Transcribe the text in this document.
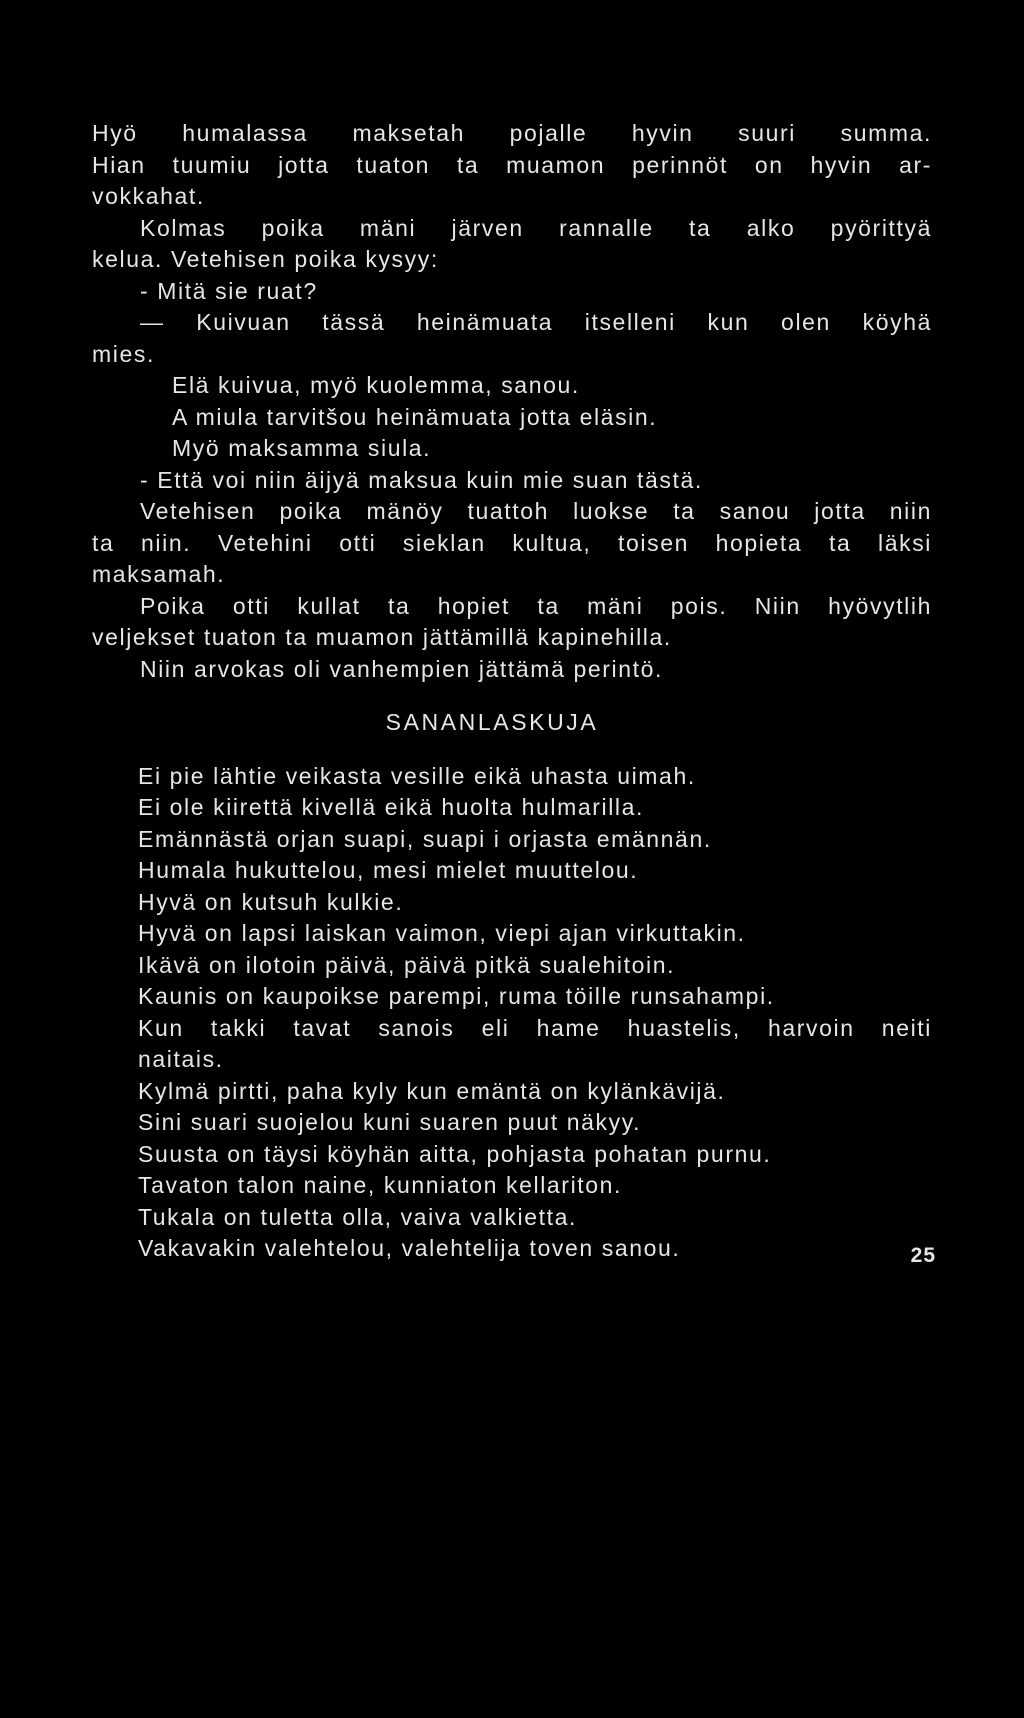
Hyö humalassa maksetah pojalle hyvin suuri summa.
Hian tuumiu jotta tuaton ta muamon perinnöt on hyvin ar-
vokkahat.
Kolmas poika mäni järven rannalle ta alko pyörittyä
kelua. Vetehisen poika kysyy:
- Mitä sie ruat?
— Kuivuan tässä heinämuata itselleni kun olen köyhä
mies.
Elä kuivua, myö kuolemma, sanou.
A miula tarvitšou heinämuata jotta eläsin.
Myö maksamma siula.
- Että voi niin äijyä maksua kuin mie suan tästä.
Vetehisen poika mänöy tuattoh luokse ta sanou jotta niin
ta niin. Vetehini otti sieklan kultua, toisen hopieta ta läksi
maksamah.
Poika otti kullat ta hopiet ta mäni pois. Niin hyövytlih
veljekset tuaton ta muamon jättämillä kapinehilla.
Niin arvokas oli vanhempien jättämä perintö.
SANANLASKUJA
Ei pie lähtie veikasta vesille eikä uhasta uimah.
Ei ole kiirettä kivellä eikä huolta hulmarilla.
Emännästä orjan suapi, suapi i orjasta emännän.
Humala hukuttelou, mesi mielet muuttelou.
Hyvä on kutsuh kulkie.
Hyvä on lapsi laiskan vaimon, viepi ajan virkuttakin.
Ikävä on ilotoin päivä, päivä pitkä sualehitoin.
Kaunis on kaupoikse parempi, ruma töille runsahampi.
Kun takki tavat sanois eli hame huastelis, harvoin neiti
naitais.
Kylmä pirtti, paha kyly kun emäntä on kylänkävijä.
Sini suari suojelou kuni suaren puut näkyy.
Suusta on täysi köyhän aitta, pohjasta pohatan purnu.
Tavaton talon naine, kunniaton kellariton.
Tukala on tuletta olla, vaiva valkietta.
Vakavakin valehtelou, valehtelija toven sanou.	25
